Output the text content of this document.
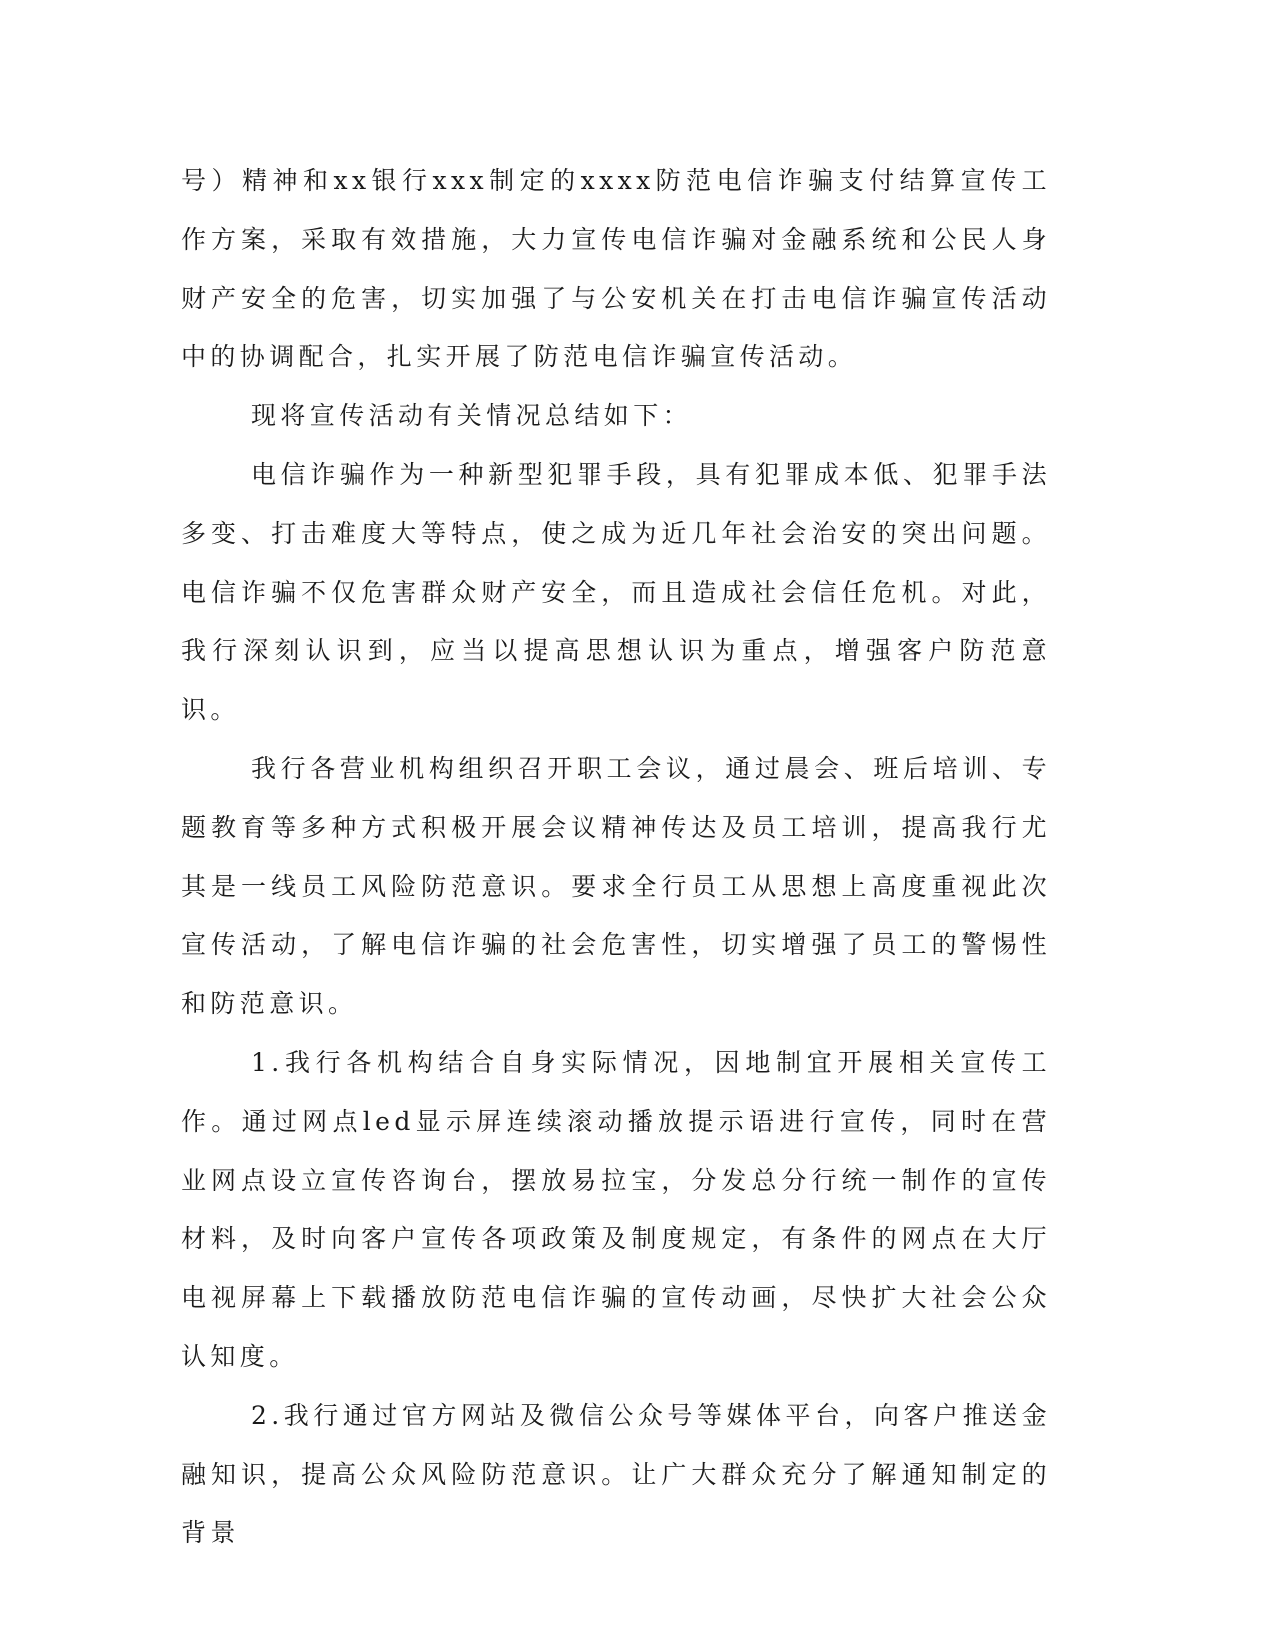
号）精神和xx银行xxx制定的xxxx防范电信诈骗支付结算宣传工作方案，采取有效措施，大力宣传电信诈骗对金融系统和公民人身财产安全的危害，切实加强了与公安机关在打击电信诈骗宣传活动中的协调配合，扎实开展了防范电信诈骗宣传活动。

现将宣传活动有关情况总结如下：

电信诈骗作为一种新型犯罪手段，具有犯罪成本低、犯罪手法多变、打击难度大等特点，使之成为近几年社会治安的突出问题。电信诈骗不仅危害群众财产安全，而且造成社会信任危机。对此，我行深刻认识到，应当以提高思想认识为重点，增强客户防范意识。

我行各营业机构组织召开职工会议，通过晨会、班后培训、专题教育等多种方式积极开展会议精神传达及员工培训，提高我行尤其是一线员工风险防范意识。要求全行员工从思想上高度重视此次宣传活动，了解电信诈骗的社会危害性，切实增强了员工的警惕性和防范意识。

1.我行各机构结合自身实际情况，因地制宜开展相关宣传工作。通过网点led显示屏连续滚动播放提示语进行宣传，同时在营业网点设立宣传咨询台，摆放易拉宝，分发总分行统一制作的宣传材料，及时向客户宣传各项政策及制度规定，有条件的网点在大厅电视屏幕上下载播放防范电信诈骗的宣传动画，尽快扩大社会公众认知度。

2.我行通过官方网站及微信公众号等媒体平台，向客户推送金融知识，提高公众风险防范意识。让广大群众充分了解通知制定的背景
